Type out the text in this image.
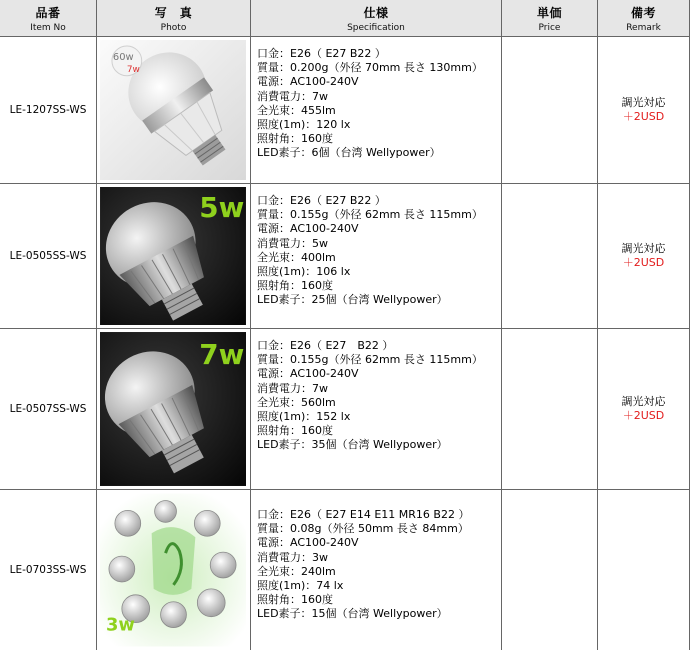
品番
Item No
写　真
Photo
仕様
Specification
単価
Price
備考
Remark
LE-1207SS-WS
60w
7w
口金：E26（ E27 B22 ）
質量：0.200g（外径 70mm 長さ 130mm）
電源：AC100-240V
消費電力：7w
全光束：455lm
照度(1m)：120 lx
照射角：160度
LED素子：6個（台湾 Wellypower）
調光対応
＋2USD
LE-0505SS-WS
5w 口金：E26（ E27 B22 ）
質量：0.155g（外径 62mm 長さ 115mm）
電源：AC100-240V
消費電力：5w
全光束：400lm
照度(1m)：106 lx
照射角：160度
LED素子：25個（台湾 Wellypower）
調光対応
＋2USD
LE-0507SS-WS
7w 口金：E26（ E27　B22 ）
質量：0.155g（外径 62mm 長さ 115mm）
電源：AC100-240V
消費電力：7w
全光束：560lm
照度(1m)：152 lx
照射角：160度
LED素子：35個（台湾 Wellypower）
調光対応
＋2USD
LE-0703SS-WS
3w
口金：E26（ E27 E14 E11 MR16 B22 ）
質量：0.08g（外径 50mm 長さ 84mm）
電源：AC100-240V
消費電力：3w
全光束：240lm
照度(1m)：74 lx
照射角：160度
LED素子：15個（台湾 Wellypower）
